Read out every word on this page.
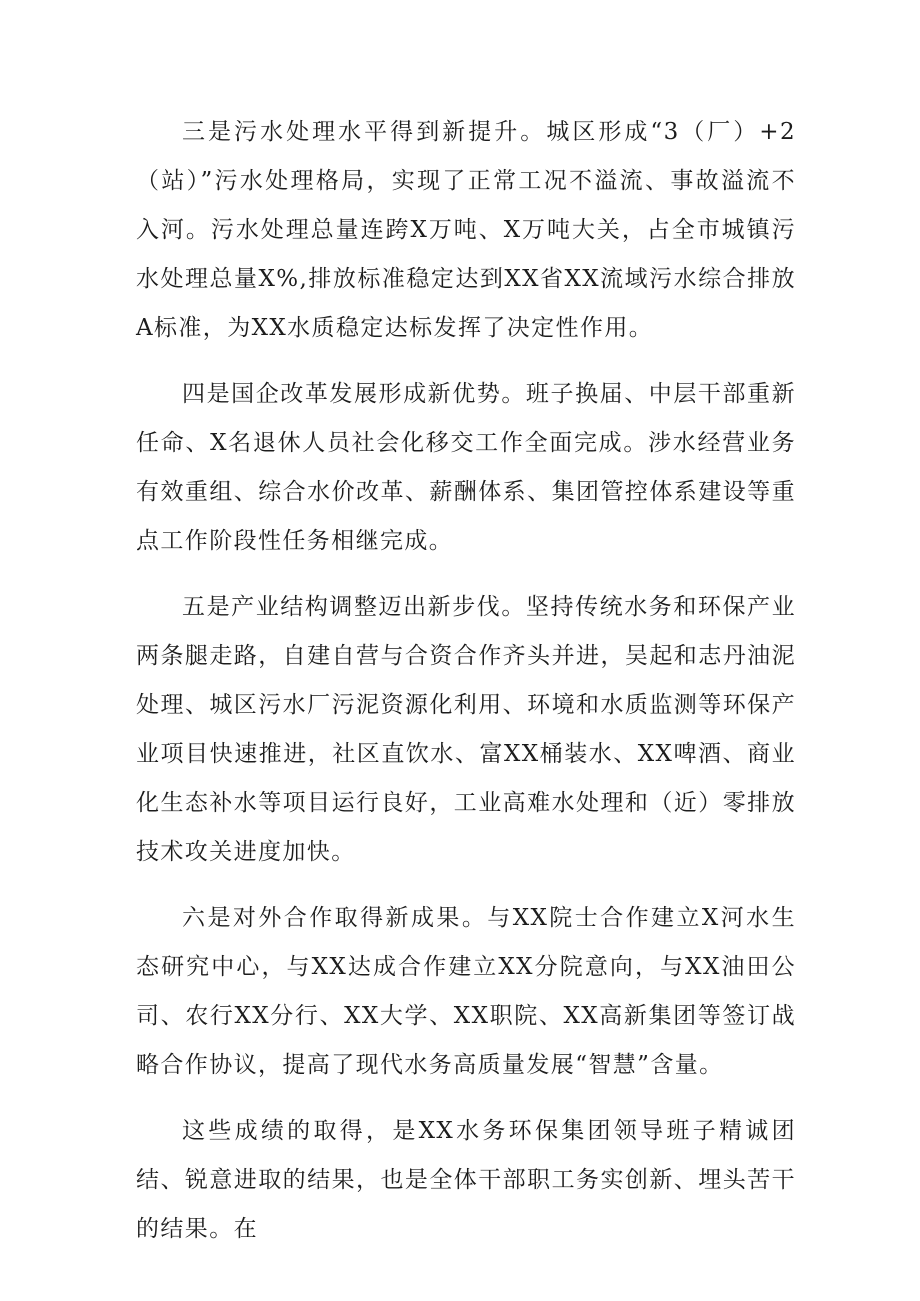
三是污水处理水平得到新提升。城区形成“3（厂）+2（站）”污水处理格局，实现了正常工况不溢流、事故溢流不入河。污水处理总量连跨X万吨、X万吨大关，占全市城镇污水处理总量X%,排放标准稳定达到XX省XX流域污水综合排放A标准，为XX水质稳定达标发挥了决定性作用。

四是国企改革发展形成新优势。班子换届、中层干部重新任命、X名退休人员社会化移交工作全面完成。涉水经营业务有效重组、综合水价改革、薪酬体系、集团管控体系建设等重点工作阶段性任务相继完成。

五是产业结构调整迈出新步伐。坚持传统水务和环保产业两条腿走路，自建自营与合资合作齐头并进，吴起和志丹油泥处理、城区污水厂污泥资源化利用、环境和水质监测等环保产业项目快速推进，社区直饮水、富XX桶装水、XX啤酒、商业化生态补水等项目运行良好，工业高难水处理和（近）零排放技术攻关进度加快。

六是对外合作取得新成果。与XX院士合作建立X河水生态研究中心，与XX达成合作建立XX分院意向，与XX油田公司、农行XX分行、XX大学、XX职院、XX高新集团等签订战略合作协议，提高了现代水务高质量发展“智慧”含量。

这些成绩的取得，是XX水务环保集团领导班子精诚团结、锐意进取的结果，也是全体干部职工务实创新、埋头苦干的结果。在
